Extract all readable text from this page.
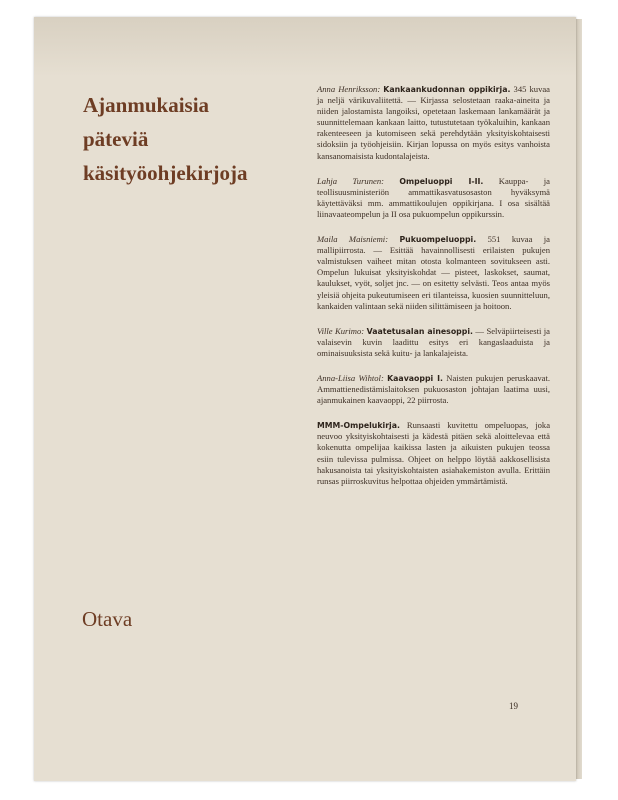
Ajanmukaisia
päteviä
käsityöohjekirjoja

Anna Henriksson: Kankaankudonnan oppikirja. 345 kuvaa ja neljä värikuvaliitettä. — Kirjassa selostetaan raaka-aineita ja niiden jalostamista langoiksi, opetetaan laskemaan lankamäärät ja suunnittelemaan kankaan laitto, tutustutetaan työkaluihin, kankaan rakenteeseen ja kutomiseen sekä perehdytään yksityiskohtaisesti sidoksiin ja työohjeisiin. Kirjan lopussa on myös esitys vanhoista kansanomaisista kudontalajeista.

Lahja Turunen: Ompeluoppi I-II. Kauppa- ja teollisuusministeriön ammattikasvatusosaston hyväksymä käytettäväksi mm. ammattikoulujen oppikirjana. I osa sisältää liinavaateompelun ja II osa pukuompelun oppikurssin.

Maila Maisniemi: Pukuompeluoppi. 551 kuvaa ja mallipiirrosta. — Esittää havainnollisesti erilaisten pukujen valmistuksen vaiheet mitan otosta kolmanteen sovitukseen asti. Ompelun lukuisat yksityiskohdat — pisteet, laskokset, saumat, kaulukset, vyöt, soljet jnc. — on esitetty selvästi. Teos antaa myös yleisiä ohjeita pukeutumiseen eri tilanteissa, kuosien suunnitteluun, kankaiden valintaan sekä niiden silittämiseen ja hoitoon.

Ville Kurimo: Vaatetusalan ainesoppi. — Selväpiirteisesti ja valaisevin kuvin laadittu esitys eri kangaslaaduista ja ominaisuuksista sekä kuitu- ja lankalajeista.

Anna-Liisa Wihtol: Kaavaoppi I. Naisten pukujen peruskaavat. Ammattienedistämislaitoksen pukuosaston johtajan laatima uusi, ajanmukainen kaavaoppi, 22 piirrosta.

MMM-Ompelukirja. Runsaasti kuvitettu ompeluopas, joka neuvoo yksityiskohtaisesti ja kädestä pitäen sekä aloittelevaa että kokenutta ompelijaa kaikissa lasten ja aikuisten pukujen teossa esiin tulevissa pulmissa. Ohjeet on helppo löytää aakkosellisista hakusanoista tai yksityiskohtaisten asiahakemiston avulla. Erittäin runsas piirroskuvitus helpottaa ohjeiden ymmärtämistä.

Otava
19
